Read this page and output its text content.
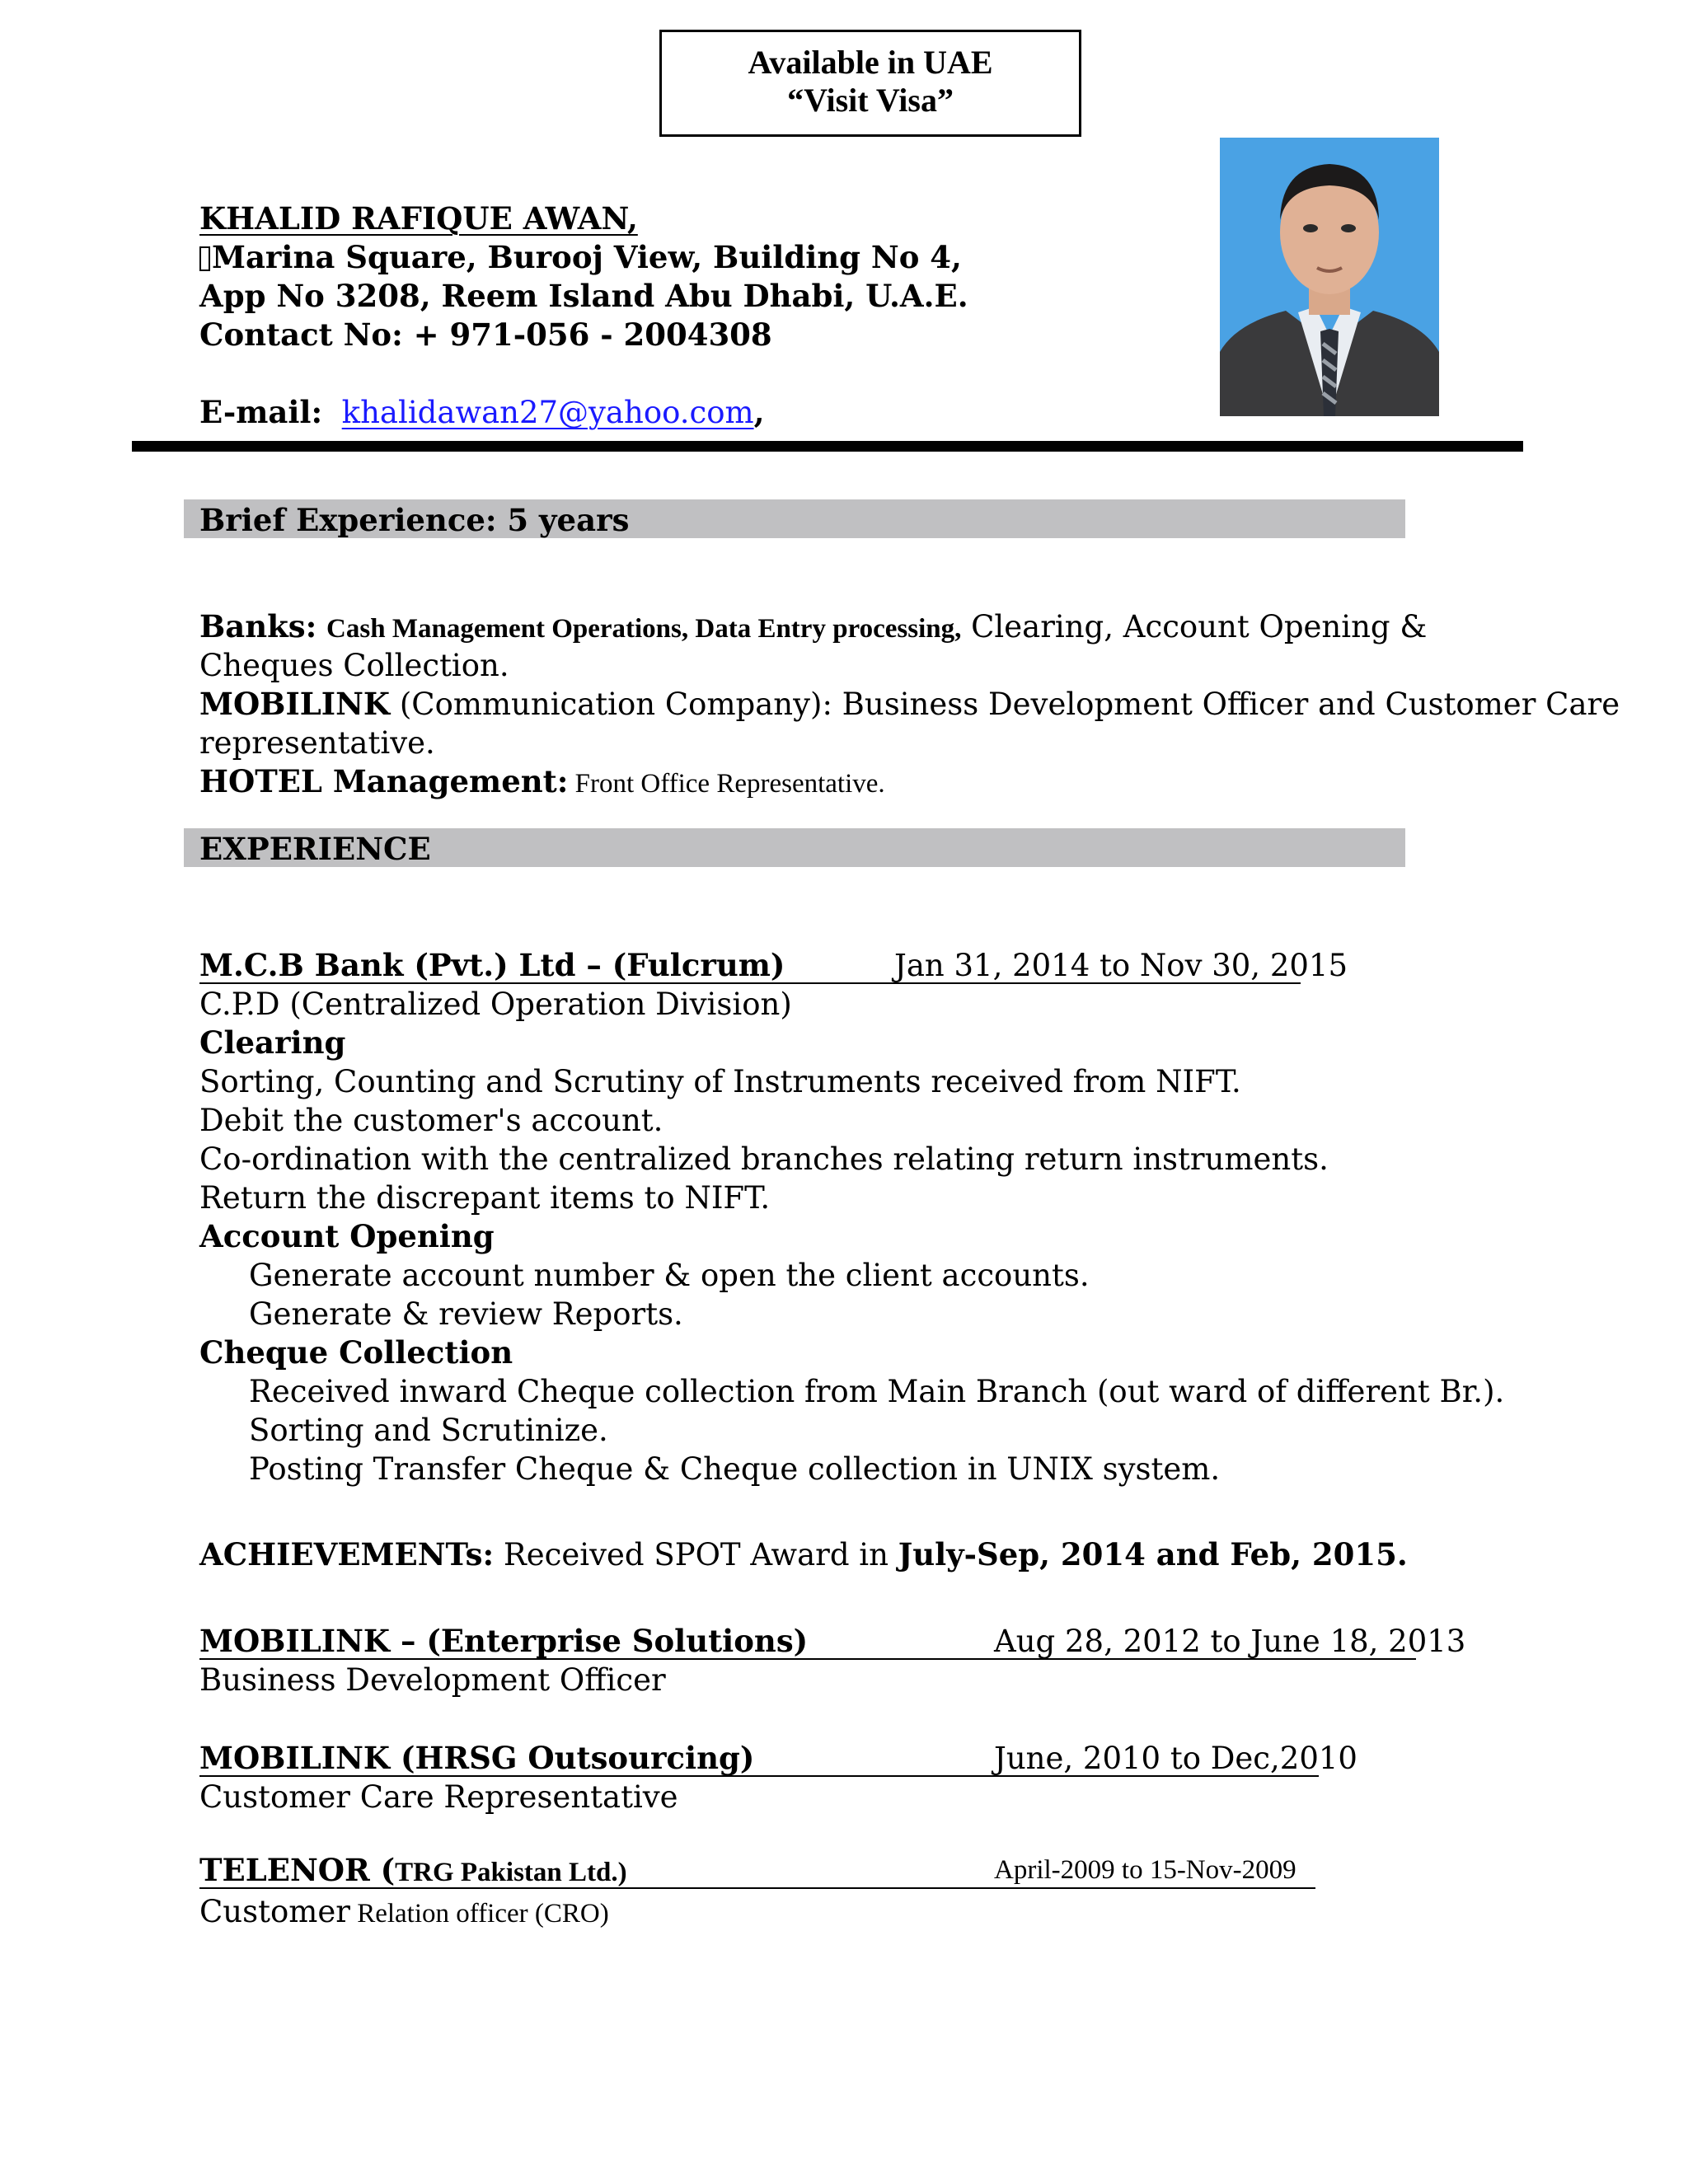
Available in UAE
“Visit Visa”
KHALID RAFIQUE AWAN,
Marina Square, Burooj View, Building No 4,
App No 3208, Reem Island Abu Dhabi, U.A.E.
Contact No: + 971-056 - 2004308
E-mail: khalidawan27@yahoo.com,
Brief Experience: 5 years
Banks: Cash Management Operations, Data Entry processing, Clearing, Account Opening &
Cheques Collection.
MOBILINK (Communication Company): Business Development Officer and Customer Care
representative.
HOTEL Management: Front Office Representative.
EXPERIENCE
M.C.B Bank (Pvt.) Ltd – (Fulcrum)	Jan 31, 2014 to Nov 30, 2015
C.P.D (Centralized Operation Division)
Clearing
Sorting, Counting and Scrutiny of Instruments received from NIFT.
Debit the customer's account.
Co-ordination with the centralized branches relating return instruments.
Return the discrepant items to NIFT.
Account Opening
Generate account number & open the client accounts.
Generate & review Reports.
Cheque Collection
Received inward Cheque collection from Main Branch (out ward of different Br.).
Sorting and Scrutinize.
Posting Transfer Cheque & Cheque collection in UNIX system.
ACHIEVEMENTs: Received SPOT Award in July-Sep, 2014 and Feb, 2015.
MOBILINK – (Enterprise Solutions)	Aug 28, 2012 to June 18, 2013
Business Development Officer
MOBILINK (HRSG Outsourcing)	June, 2010 to Dec,2010
Customer Care Representative
TELENOR (TRG Pakistan Ltd.)	April-2009 to 15-Nov-2009
Customer Relation officer (CRO)
